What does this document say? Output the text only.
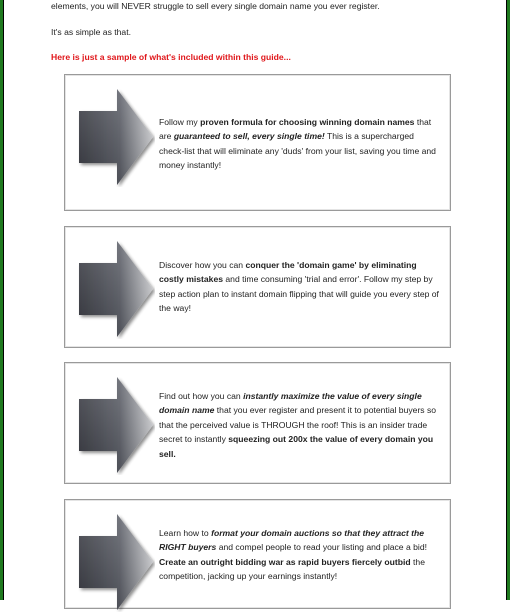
elements, you will NEVER struggle to sell every single domain name you ever register.

It's as simple as that.

Here is just a sample of what's included within this guide...

Follow my proven formula for choosing winning domain names that are guaranteed to sell, every single time! This is a supercharged check-list that will eliminate any 'duds' from your list, saving you time and money instantly!
Discover how you can conquer the 'domain game' by eliminating costly mistakes and time consuming 'trial and error'. Follow my step by step action plan to instant domain flipping that will guide you every step of the way!
Find out how you can instantly maximize the value of every single domain name that you ever register and present it to potential buyers so that the perceived value is THROUGH the roof! This is an insider trade secret to instantly squeezing out 200x the value of every domain you sell.
Learn how to format your domain auctions so that they attract the RIGHT buyers and compel people to read your listing and place a bid! Create an outright bidding war as rapid buyers fiercely outbid the competition, jacking up your earnings instantly!
